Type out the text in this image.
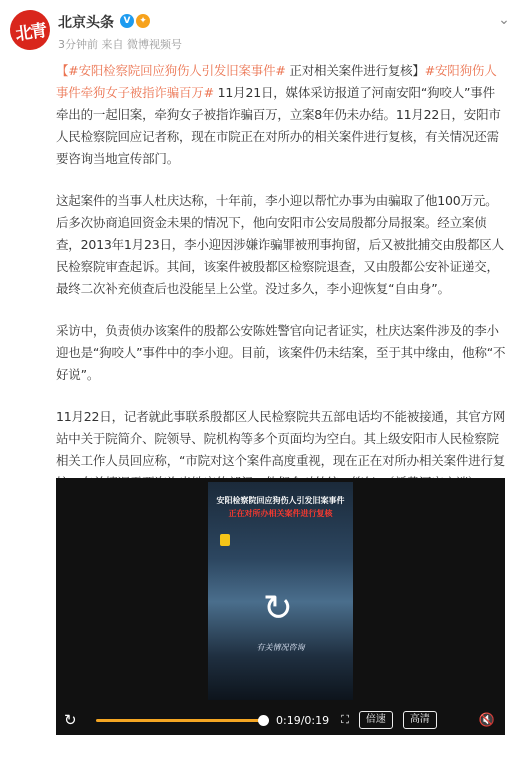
北青 北京头条	V ✦
3分钟前 来自 微博视频号
⌄

【#安阳检察院回应狗伤人引发旧案事件# 正对相关案件进行复核】#安阳狗伤人事件牵狗女子被指诈骗百万# 11月21日，媒体采访报道了河南安阳“狗咬人”事件牵出的一起旧案，牵狗女子被指诈骗百万，立案8年仍未办结。11月22日，安阳市人民检察院回应记者称，现在市院正在对所办的相关案件进行复核，有关情况还需要咨询当地宣传部门。

这起案件的当事人杜庆达称，十年前，李小迎以帮忙办事为由骗取了他100万元。后多次协商追回资金未果的情况下，他向安阳市公安局殷都分局报案。经立案侦查，2013年1月23日，李小迎因涉嫌诈骗罪被刑事拘留，后又被批捕交由殷都区人民检察院审查起诉。其间，该案件被殷都区检察院退查，又由殷都公安补证递交，最终二次补充侦查后也没能呈上公堂。没过多久，李小迎恢复“自由身”。

采访中，负责侦办该案件的殷都公安陈姓警官向记者证实，杜庆达案件涉及的李小迎也是“狗咬人”事件中的李小迎。目前，该案件仍未结案，至于其中缘由，他称“不好说”。

11月22日，记者就此事联系殷都区人民检察院共五部电话均不能被接通，其官方网站中关于院简介、院领导、院机构等多个页面均为空白。其上级安阳市人民检察院相关工作人员回应称，“市院对这个案件高度重视，现在正在对所办相关案件进行复

安阳检察院回应狗伤人引发旧案事件
正在对所办相关案件进行复核
有关情况咨询
↻
↻	0:19/0:19 ⛶	倍速	高清	🔇
